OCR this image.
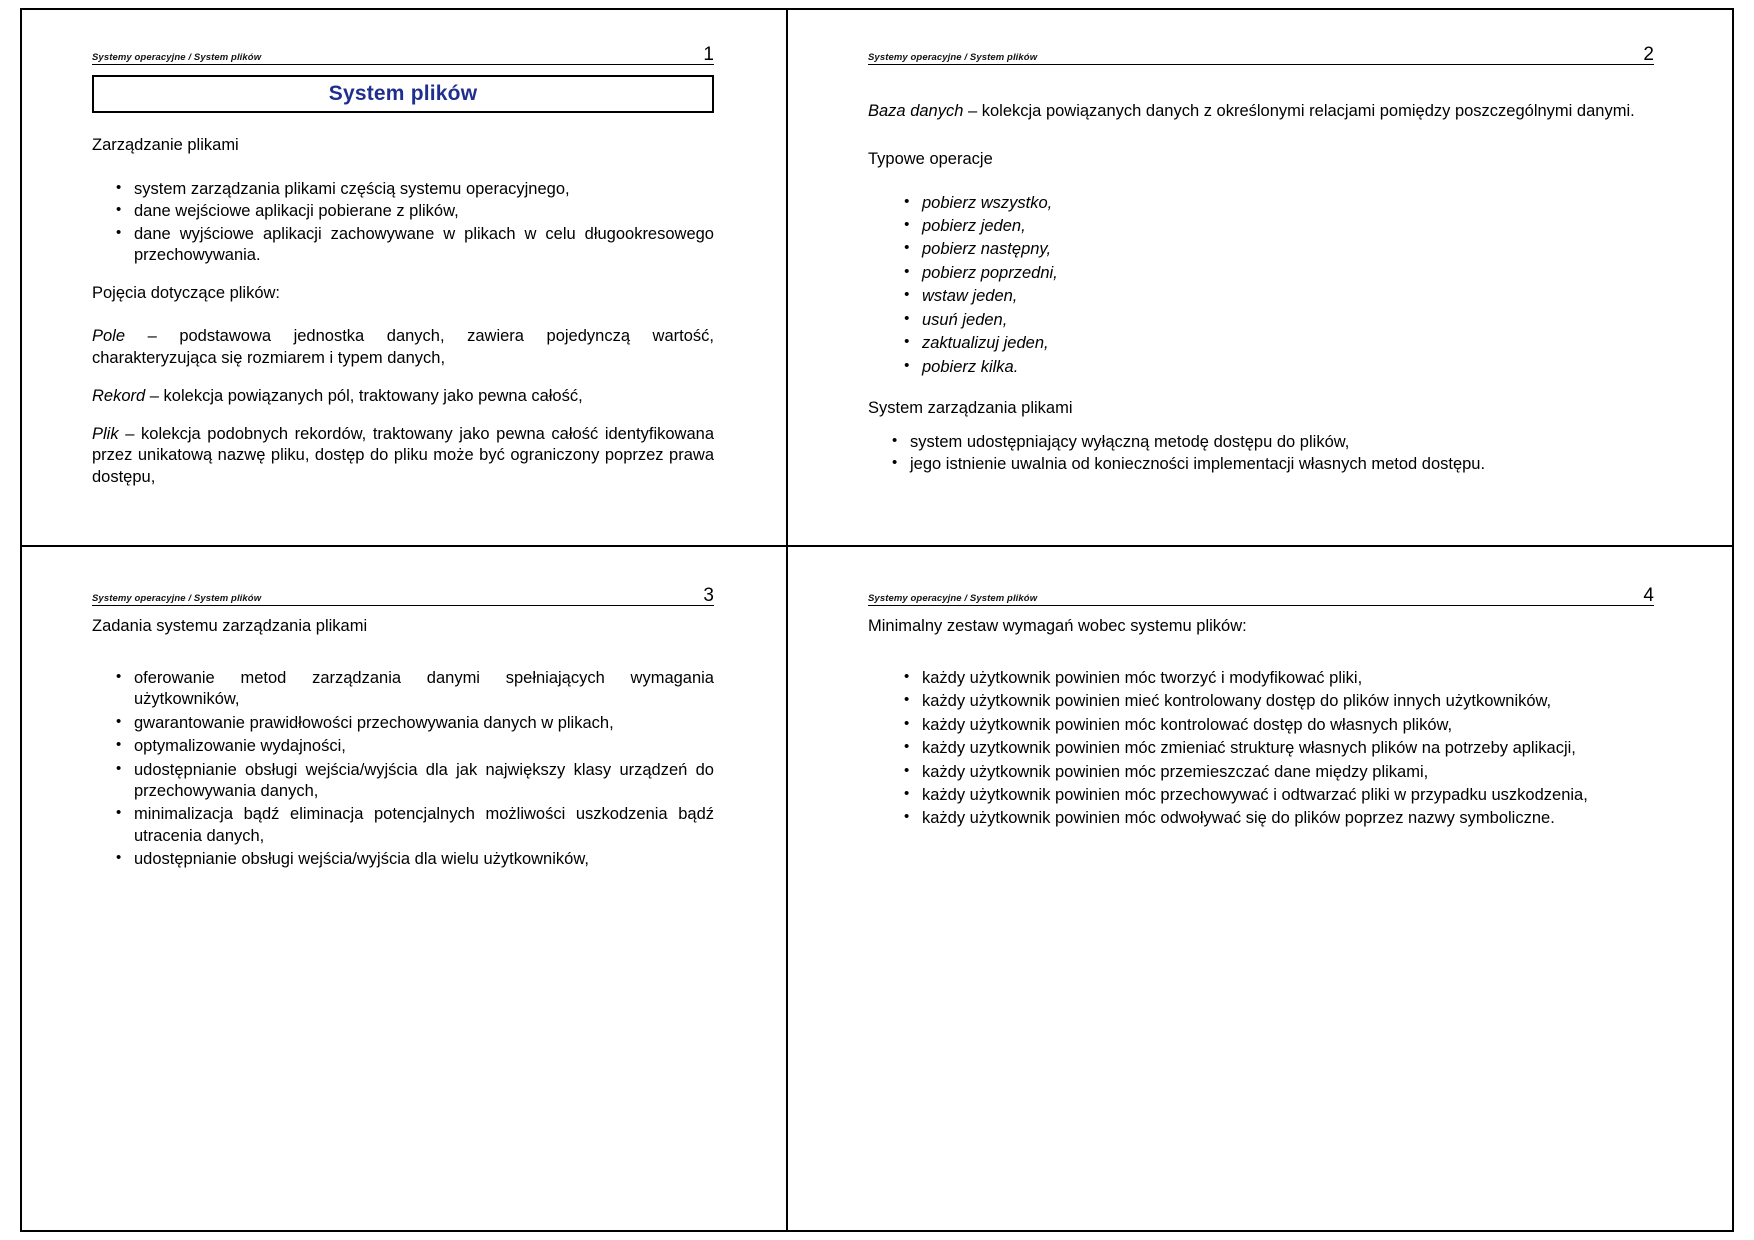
Systemy operacyjne / System plików	1
System plików
Zarządzanie plikami
• system zarządzania plikami częścią systemu operacyjnego,
• dane wejściowe aplikacji pobierane z plików,
• dane wyjściowe aplikacji zachowywane w plikach w celu długookresowego przechowywania.
Pojęcia dotyczące plików:

Pole – podstawowa jednostka danych, zawiera pojedynczą wartość, charakteryzująca się rozmiarem i typem danych,

Rekord – kolekcja powiązanych pól, traktowany jako pewna całość,

Plik – kolekcja podobnych rekordów, traktowany jako pewna całość identyfikowana przez unikatową nazwę pliku, dostęp do pliku może być ograniczony poprzez prawa dostępu,

Systemy operacyjne / System plików	2

Baza danych – kolekcja powiązanych danych z określonymi relacjami pomiędzy poszczególnymi danymi.

Typowe operacje
• pobierz wszystko,
• pobierz jeden,
• pobierz następny,
• pobierz poprzedni,
• wstaw jeden,
• usuń jeden,
• zaktualizuj jeden,
• pobierz kilka.
System zarządzania plikami
• system udostępniający wyłączną metodę dostępu do plików,
• jego istnienie uwalnia od konieczności implementacji własnych metod dostępu.
Systemy operacyjne / System plików	3
Zadania systemu zarządzania plikami
• oferowanie metod zarządzania danymi spełniających wymagania użytkowników,
• gwarantowanie prawidłowości przechowywania danych w plikach,
• optymalizowanie wydajności,
• udostępnianie obsługi wejścia/wyjścia dla jak największy klasy urządzeń do przechowywania danych,
• minimalizacja bądź eliminacja potencjalnych możliwości uszkodzenia bądź utracenia danych,
• udostępnianie obsługi wejścia/wyjścia dla wielu użytkowników,
Systemy operacyjne / System plików	4
Minimalny zestaw wymagań wobec systemu plików:
• każdy użytkownik powinien móc tworzyć i modyfikować pliki,
• każdy użytkownik powinien mieć kontrolowany dostęp do plików innych użytkowników,
• każdy użytkownik powinien móc kontrolować dostęp do własnych plików,
• każdy uzytkownik powinien móc zmieniać strukturę własnych plików na potrzeby aplikacji,
• każdy użytkownik powinien móc przemieszczać dane między plikami,
• każdy użytkownik powinien móc przechowywać i odtwarzać pliki w przypadku uszkodzenia,
• każdy użytkownik powinien móc odwoływać się do plików poprzez nazwy symboliczne.
